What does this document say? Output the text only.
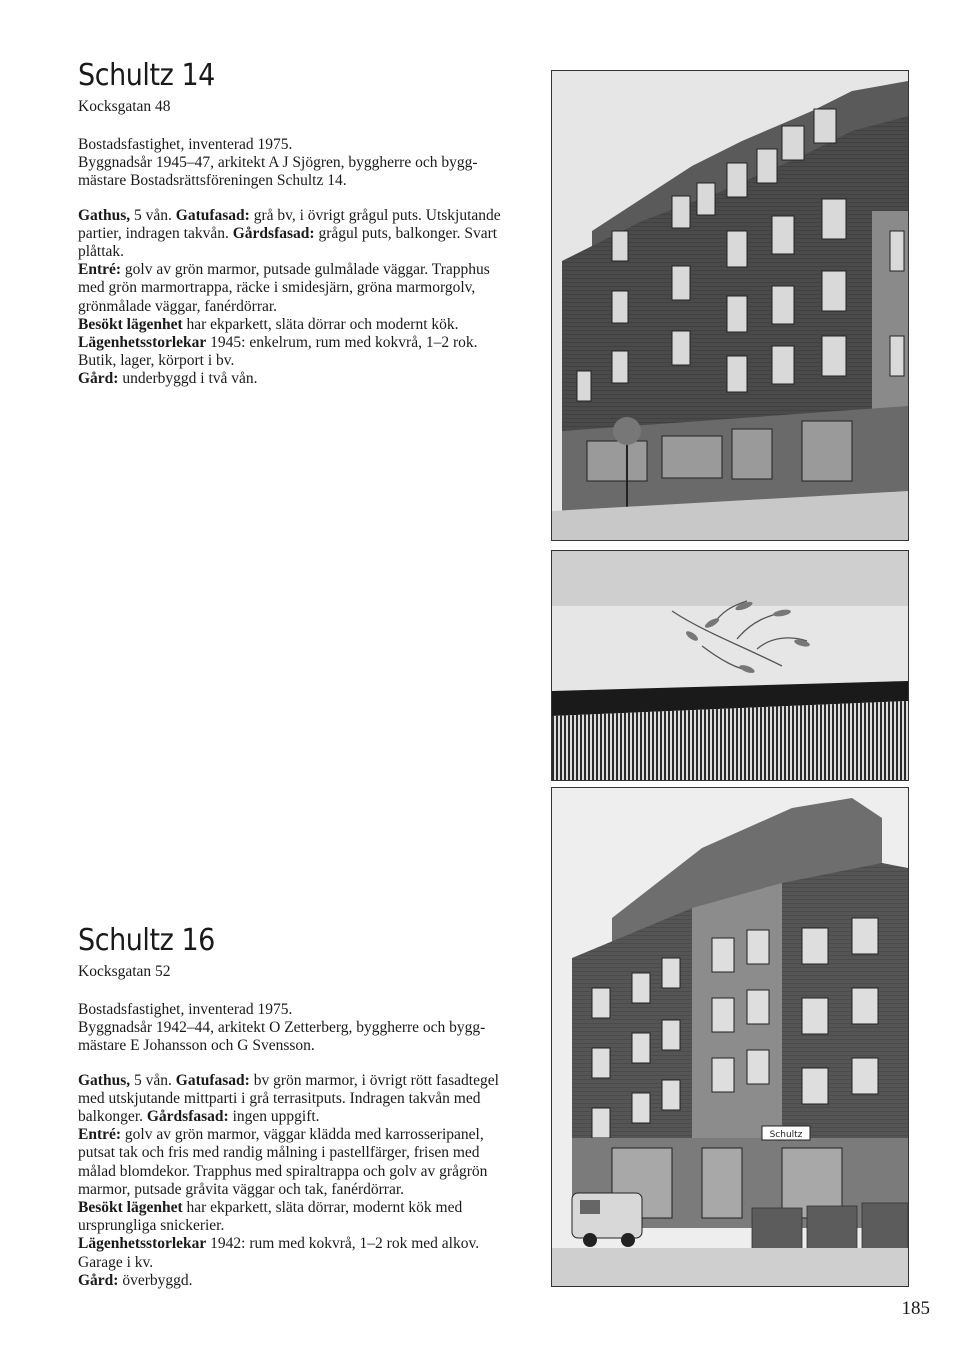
Schultz 14

Kocksgatan 48

Bostadsfastighet, inventerad 1975.

Byggnadsår 1945–47, arkitekt A J Sjögren, byggherre och bygg-mästare Bostadsrättsföreningen Schultz 14.

Gathus, 5 vån. Gatufasad: grå bv, i övrigt grågul puts. Utskjutande partier, indragen takvån. Gårdsfasad: grågul puts, balkonger. Svart plåttak.

Entré: golv av grön marmor, putsade gulmålade väggar. Trapphus med grön marmortrappa, räcke i smidesjärn, gröna marmorgolv, grönmålade väggar, fanérdörrar.

Besökt lägenhet har ekparkett, släta dörrar och modernt kök.

Lägenhetsstorlekar 1945: enkelrum, rum med kokvrå, 1–2 rok. Butik, lager, körport i bv.

Gård: underbyggd i två vån.

Schultz 16

Kocksgatan 52

Bostadsfastighet, inventerad 1975.

Byggnadsår 1942–44, arkitekt O Zetterberg, byggherre och bygg-mästare E Johansson och G Svensson.

Gathus, 5 vån. Gatufasad: bv grön marmor, i övrigt rött fasadtegel med utskjutande mittparti i grå terrasitputs. Indragen takvån med balkonger. Gårdsfasad: ingen uppgift.

Entré: golv av grön marmor, väggar klädda med karrosseripanel, putsat tak och fris med randig målning i pastellfärger, frisen med målad blomdekor. Trapphus med spiraltrappa och golv av grågrön marmor, putsade gråvita väggar och tak, fanérdörrar.

Besökt lägenhet har ekparkett, släta dörrar, modernt kök med ursprungliga snickerier.

Lägenhetsstorlekar 1942: rum med kokvrå, 1–2 rok med alkov. Garage i kv.

Gård: överbyggd.

Schultz
185
